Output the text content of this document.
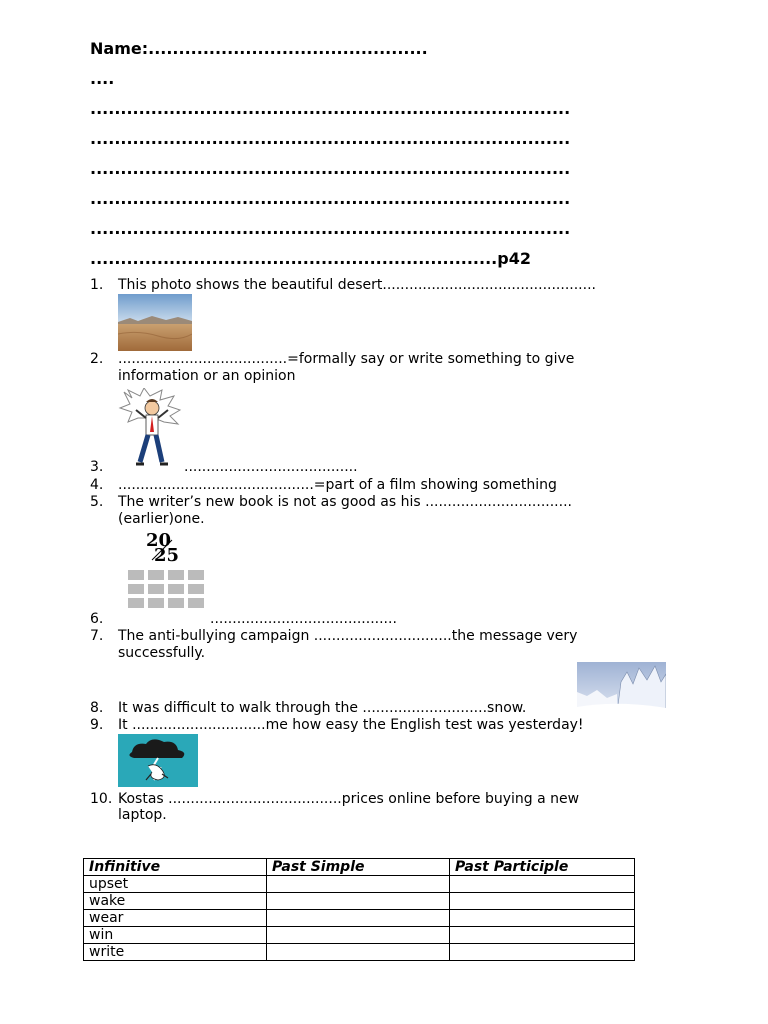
Name:..............................................
....
...............................................................................
...............................................................................
...............................................................................
...............................................................................
...............................................................................
...................................................................p42
1. This photo shows the beautiful desert................................................
2. ......................................=formally say or write something to give
information or an opinion
3.	.......................................
4. ............................................=part of a film showing something
5. The writer’s new book is not as good as his .................................
(earlier)one.
20
25
6.	..........................................
7. The anti-bullying campaign ...............................the message very
successfully.
8. It was difficult to walk through the ............................snow.
9. It ..............................me how easy the English test was yesterday!
10. Kostas .......................................prices online before buying a new
laptop.
Infinitive	Past Simple	Past Participle
upset		
wake		
wear		
win		
write		
